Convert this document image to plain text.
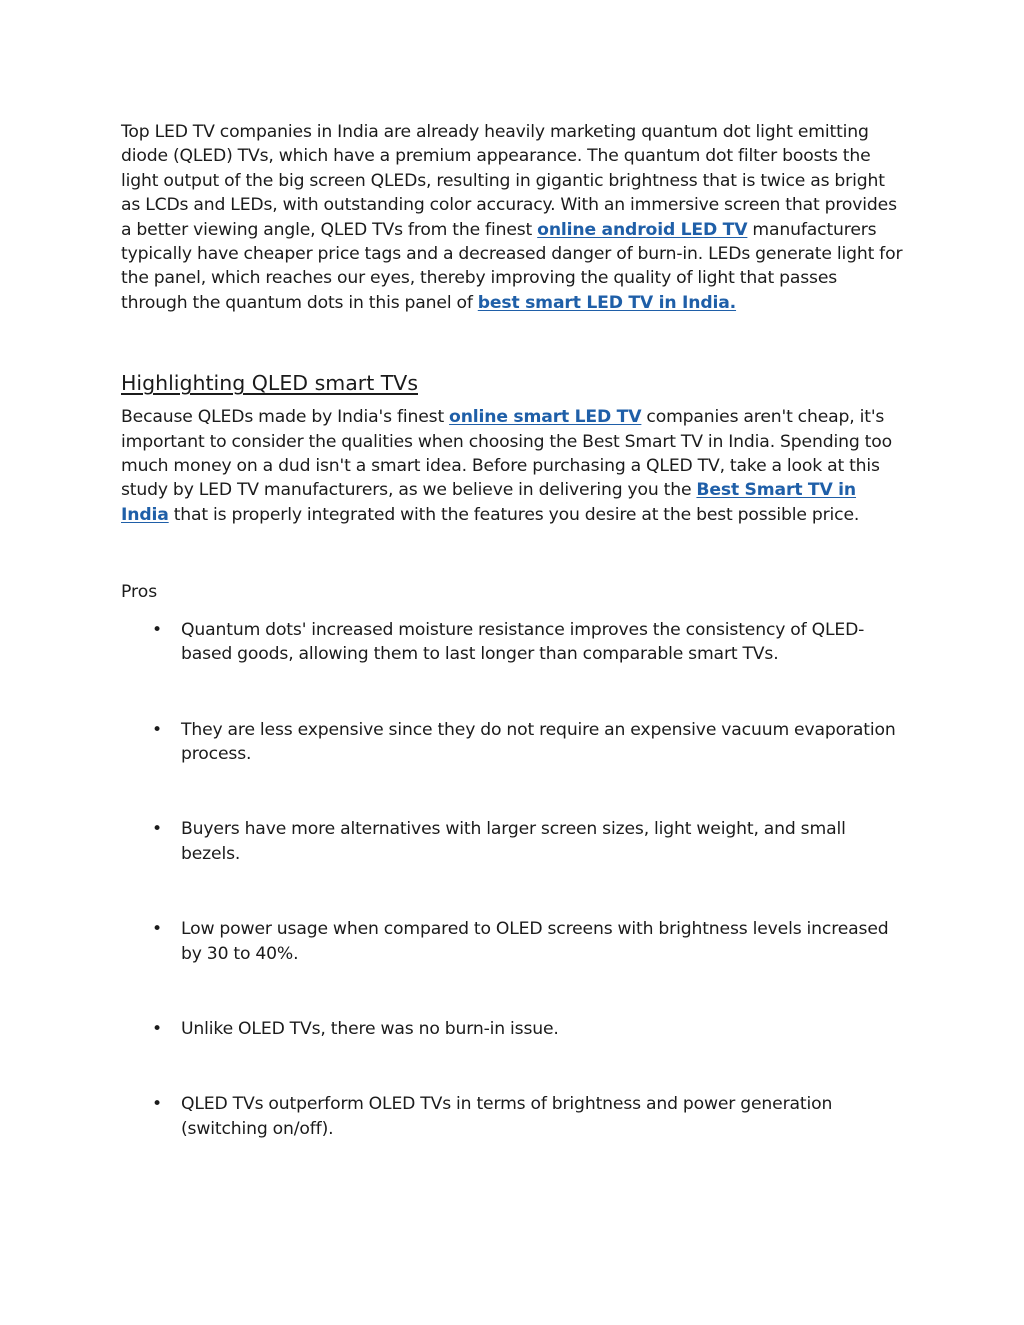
Top LED TV companies in India are already heavily marketing quantum dot light emitting diode (QLED) TVs, which have a premium appearance. The quantum dot filter boosts the light output of the big screen QLEDs, resulting in gigantic brightness that is twice as bright as LCDs and LEDs, with outstanding color accuracy. With an immersive screen that provides a better viewing angle, QLED TVs from the finest online android LED TV manufacturers typically have cheaper price tags and a decreased danger of burn-in. LEDs generate light for the panel, which reaches our eyes, thereby improving the quality of light that passes through the quantum dots in this panel of best smart LED TV in India.

Highlighting QLED smart TVs

Because QLEDs made by India's finest online smart LED TV companies aren't cheap, it's important to consider the qualities when choosing the Best Smart TV in India. Spending too much money on a dud isn't a smart idea. Before purchasing a QLED TV, take a look at this study by LED TV manufacturers, as we believe in delivering you the Best Smart TV in India that is properly integrated with the features you desire at the best possible price.

Pros

• Quantum dots' increased moisture resistance improves the consistency of QLED-based goods, allowing them to last longer than comparable smart TVs.
• They are less expensive since they do not require an expensive vacuum evaporation process.
• Buyers have more alternatives with larger screen sizes, light weight, and small bezels.
• Low power usage when compared to OLED screens with brightness levels increased by 30 to 40%.
• Unlike OLED TVs, there was no burn-in issue.
• QLED TVs outperform OLED TVs in terms of brightness and power generation (switching on/off).
